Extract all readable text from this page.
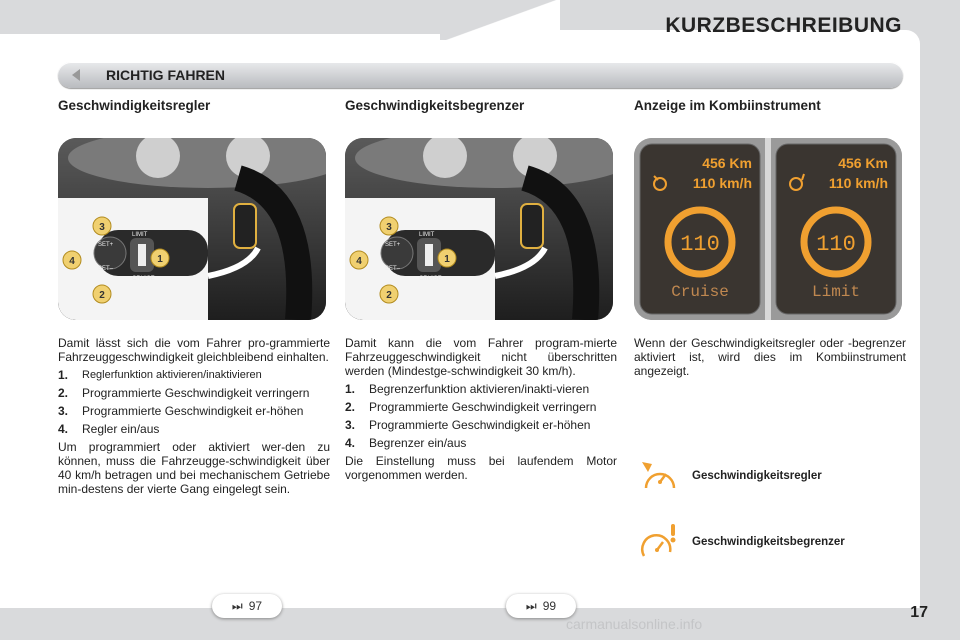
KURZBESCHREIBUNG
RICHTIG FAHREN
Geschwindigkeitsregler
SET+
SET–
LIMIT
CRUISE
3
4	1
2

Damit lässt sich die vom Fahrer pro-grammierte Fahrzeuggeschwindigkeit gleichbleibend einhalten.

1.	Reglerfunktion aktivieren/inaktivieren
2.	Programmierte Geschwindigkeit verringern
3.	Programmierte Geschwindigkeit er-höhen
4.	Regler ein/aus

Um programmiert oder aktiviert wer-den zu können, muss die Fahrzeugge-schwindigkeit über 40 km/h betragen und bei mechanischem Getriebe min-destens der vierte Gang eingelegt sein.

Geschwindigkeitsbegrenzer
SET+
SET–
LIMIT
CRUISE
3
4	1
2

Damit kann die vom Fahrer program-mierte Fahrzeuggeschwindigkeit nicht überschritten werden (Mindestge-schwindigkeit 30 km/h).

1.	Begrenzerfunktion aktivieren/inakti-vieren
2.	Programmierte Geschwindigkeit verringern
3.	Programmierte Geschwindigkeit er-höhen
4.	Begrenzer ein/aus

Die Einstellung muss bei laufendem Motor vorgenommen werden.

Anzeige im Kombiinstrument
456 Km
110 km/h
110
Cruise
456 Km
110 km/h
110
Limit

Wenn der Geschwindigkeitsregler oder -begrenzer aktiviert ist, wird dies im Kombiinstrument angezeigt.

Geschwindigkeitsregler
Geschwindigkeitsbegrenzer
⏭ 97	⏭ 99	17
carmanualsonline.info
